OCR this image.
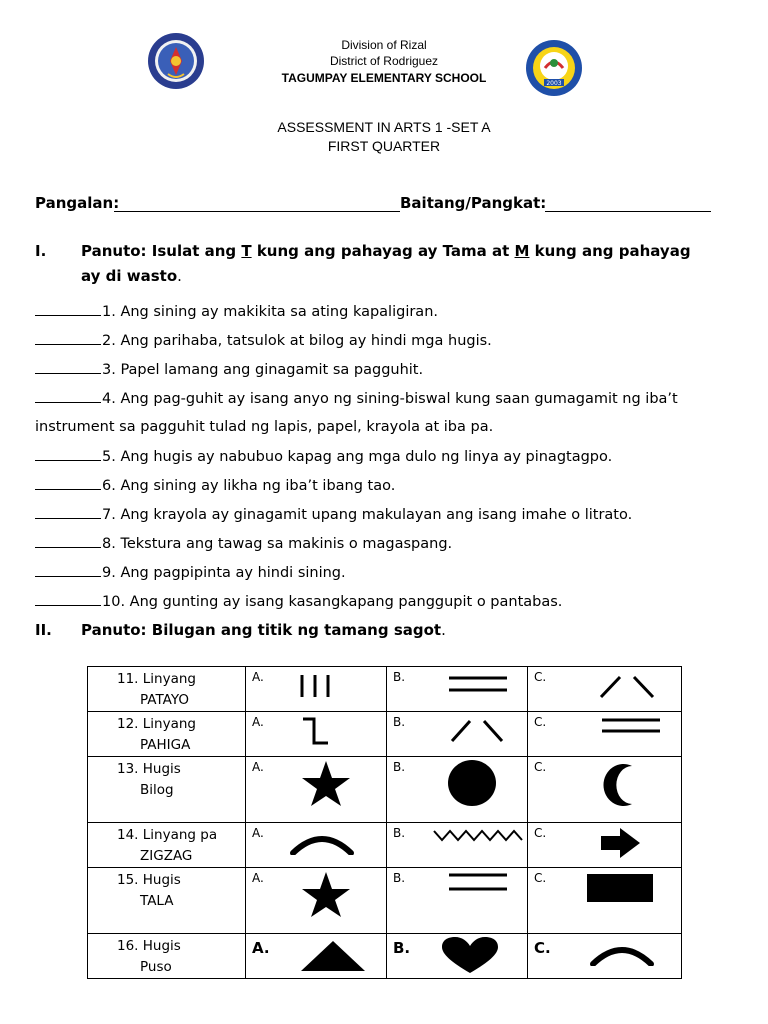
2003
Division of Rizal
District of Rodriguez
TAGUMPAY ELEMENTARY SCHOOL
ASSESSMENT IN ARTS 1 -SET A
FIRST QUARTER
Pangalan:	Baitang/Pangkat:
I. Panuto: Isulat ang T kung ang pahayag ay Tama at M kung ang pahayag
ay di wasto.
1. Ang sining ay makikita sa ating kapaligiran.
2. Ang parihaba, tatsulok at bilog ay hindi mga hugis.
3. Papel lamang ang ginagamit sa pagguhit.
4. Ang pag-guhit ay isang anyo ng sining-biswal kung saan gumagamit ng iba’t
instrument sa pagguhit tulad ng lapis, papel, krayola at iba pa.
5. Ang hugis ay nabubuo kapag ang mga dulo ng linya ay pinagtagpo.
6. Ang sining ay likha ng iba’t ibang tao.
7. Ang krayola ay ginagamit upang makulayan ang isang imahe o litrato.
8. Tekstura ang tawag sa makinis o magaspang.
9. Ang pagpipinta ay hindi sining.
10. Ang gunting ay isang kasangkapang panggupit o pantabas.
II. Panuto: Bilugan ang titik ng tamang sagot.
11. Linyang
PATAYO	A.	B.	C.

12. Linyang
PAHIGA	A.	B.	C.

13. Hugis
Bilog	A.	B.	C.

14. Linyang pa
ZIGZAG	A.	B.	C.

15. Hugis
TALA	A.	B.	C.

16. Hugis
Puso	A.	B.	C.
